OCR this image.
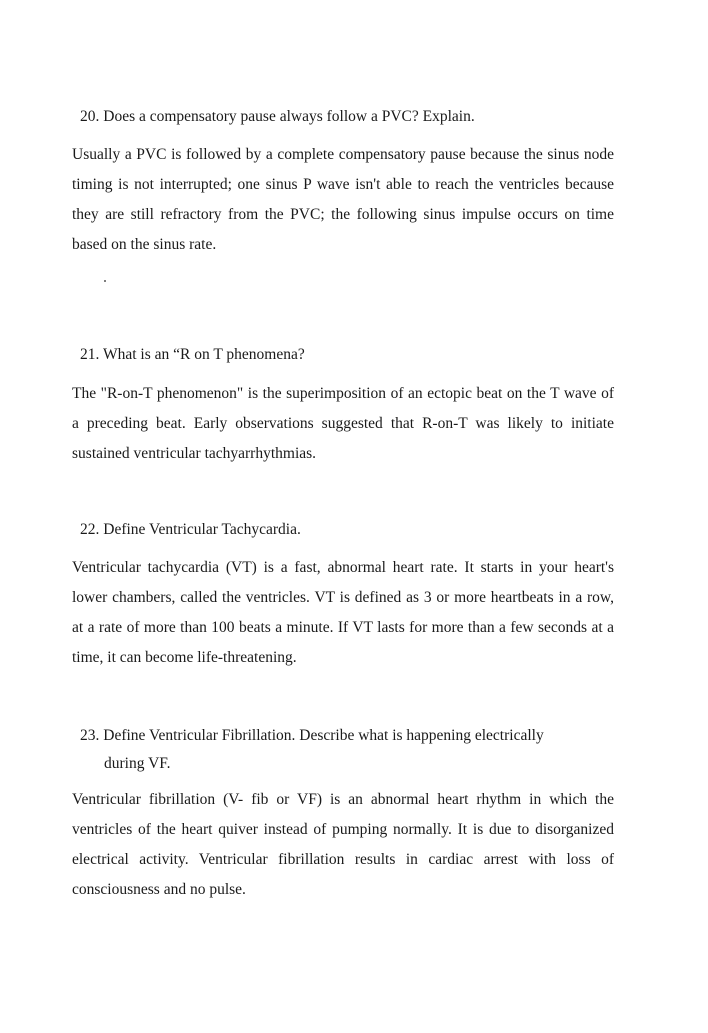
20. Does a compensatory pause always follow a PVC? Explain.

Usually a PVC is followed by a complete compensatory pause because the sinus node timing is not interrupted; one sinus P wave isn't able to reach the ventricles because they are still refractory from the PVC; the following sinus impulse occurs on time based on the sinus rate.

21. What is an “R on T phenomena?

The "R-on-T phenomenon" is the superimposition of an ectopic beat on the T wave of a preceding beat. Early observations suggested that R-on-T was likely to initiate sustained ventricular tachyarrhythmias.

22. Define Ventricular Tachycardia.

Ventricular tachycardia (VT) is a fast, abnormal heart rate. It starts in your heart's lower chambers, called the ventricles. VT is defined as 3 or more heartbeats in a row, at a rate of more than 100 beats a minute. If VT lasts for more than a few seconds at a time, it can become life-threatening.

23. Define Ventricular Fibrillation. Describe what is happening electrically
during VF.

Ventricular fibrillation (V- fib or VF) is an abnormal heart rhythm in which the ventricles of the heart quiver instead of pumping normally. It is due to disorganized electrical activity. Ventricular fibrillation results in cardiac arrest with loss of consciousness and no pulse.
